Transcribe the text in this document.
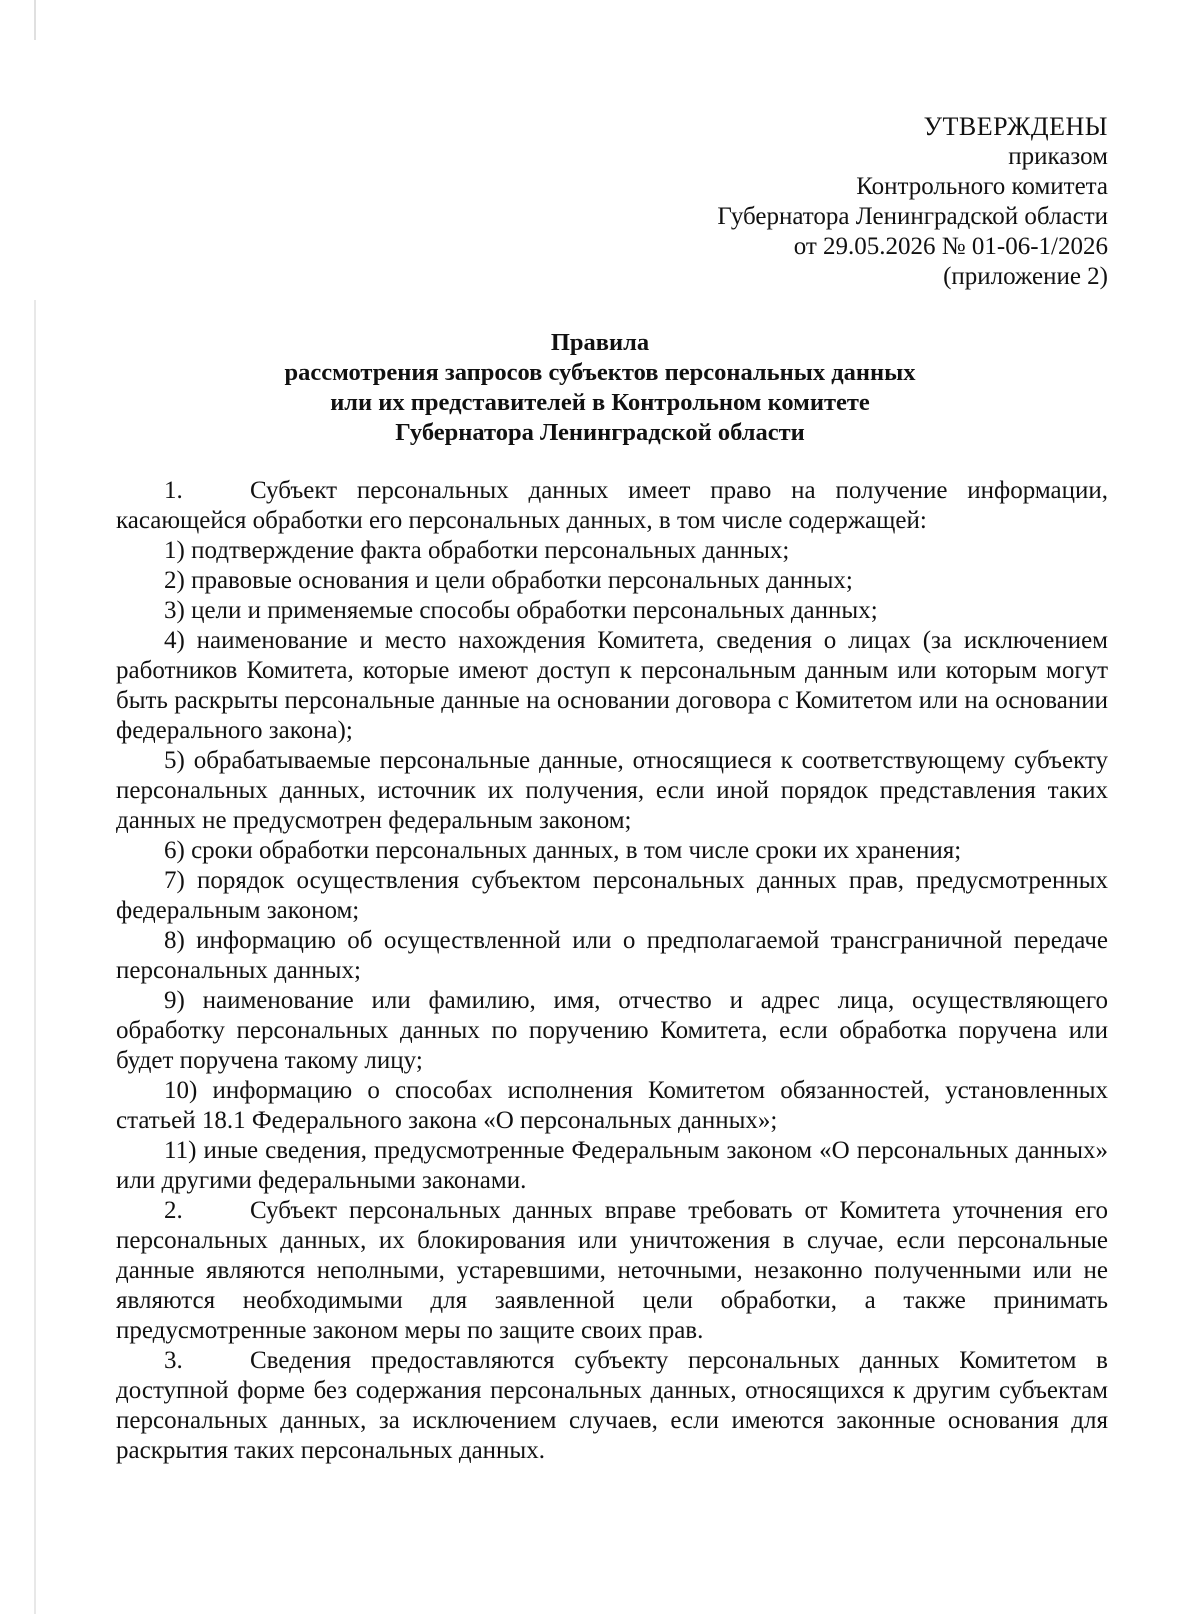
УТВЕРЖДЕНЫ
приказом
Контрольного комитета
Губернатора Ленинградской области
от 29.05.2026 № 01-06-1/2026
(приложение 2)
Правила
рассмотрения запросов субъектов персональных данных
или их представителей в Контрольном комитете
Губернатора Ленинградской области

1.	Субъект персональных данных имеет право на получение информации, касающейся обработки его персональных данных, в том числе содержащей:

1) подтверждение факта обработки персональных данных;

2) правовые основания и цели обработки персональных данных;

3) цели и применяемые способы обработки персональных данных;

4) наименование и место нахождения Комитета, сведения о лицах (за исключением работников Комитета, которые имеют доступ к персональным данным или которым могут быть раскрыты персональные данные на основании договора с Комитетом или на основании федерального закона);

5) обрабатываемые персональные данные, относящиеся к соответствующему субъекту персональных данных, источник их получения, если иной порядок представления таких данных не предусмотрен федеральным законом;

6) сроки обработки персональных данных, в том числе сроки их хранения;

7) порядок осуществления субъектом персональных данных прав, предусмотренных федеральным законом;

8) информацию об осуществленной или о предполагаемой трансграничной передаче персональных данных;

9) наименование или фамилию, имя, отчество и адрес лица, осуществляющего обработку персональных данных по поручению Комитета, если обработка поручена или будет поручена такому лицу;

10) информацию о способах исполнения Комитетом обязанностей, установленных статьей 18.1 Федерального закона «О персональных данных»;

11) иные сведения, предусмотренные Федеральным законом «О персональных данных» или другими федеральными законами.

2.	Субъект персональных данных вправе требовать от Комитета уточнения его персональных данных, их блокирования или уничтожения в случае, если персональные данные являются неполными, устаревшими, неточными, незаконно полученными или не являются необходимыми для заявленной цели обработки, а также принимать предусмотренные законом меры по защите своих прав.

3.	Сведения предоставляются субъекту персональных данных Комитетом в доступной форме без содержания персональных данных, относящихся к другим субъектам персональных данных, за исключением случаев, если имеются законные основания для раскрытия таких персональных данных.
